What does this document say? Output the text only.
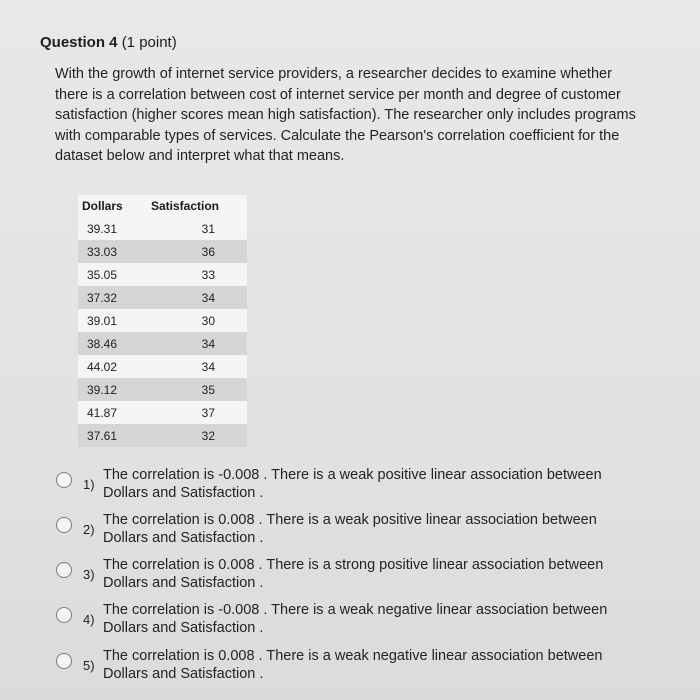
Question 4 (1 point)
With the growth of internet service providers, a researcher decides to examine whether there is a correlation between cost of internet service per month and degree of customer satisfaction (higher scores mean high satisfaction). The researcher only includes programs with comparable types of services. Calculate the Pearson's correlation coefficient for the dataset below and interpret what that means.
Dollars	Satisfaction
39.31	31
33.03	36
35.05	33
37.32	34
39.01	30
38.46	34
44.02	34
39.12	35
41.87	37
37.61	32
1)
The correlation is -0.008 . There is a weak positive linear association between Dollars and Satisfaction .
2)
The correlation is 0.008 . There is a weak positive linear association between Dollars and Satisfaction .
3)
The correlation is 0.008 . There is a strong positive linear association between Dollars and Satisfaction .
4)
The correlation is -0.008 . There is a weak negative linear association between Dollars and Satisfaction .
5)
The correlation is 0.008 . There is a weak negative linear association between Dollars and Satisfaction .
